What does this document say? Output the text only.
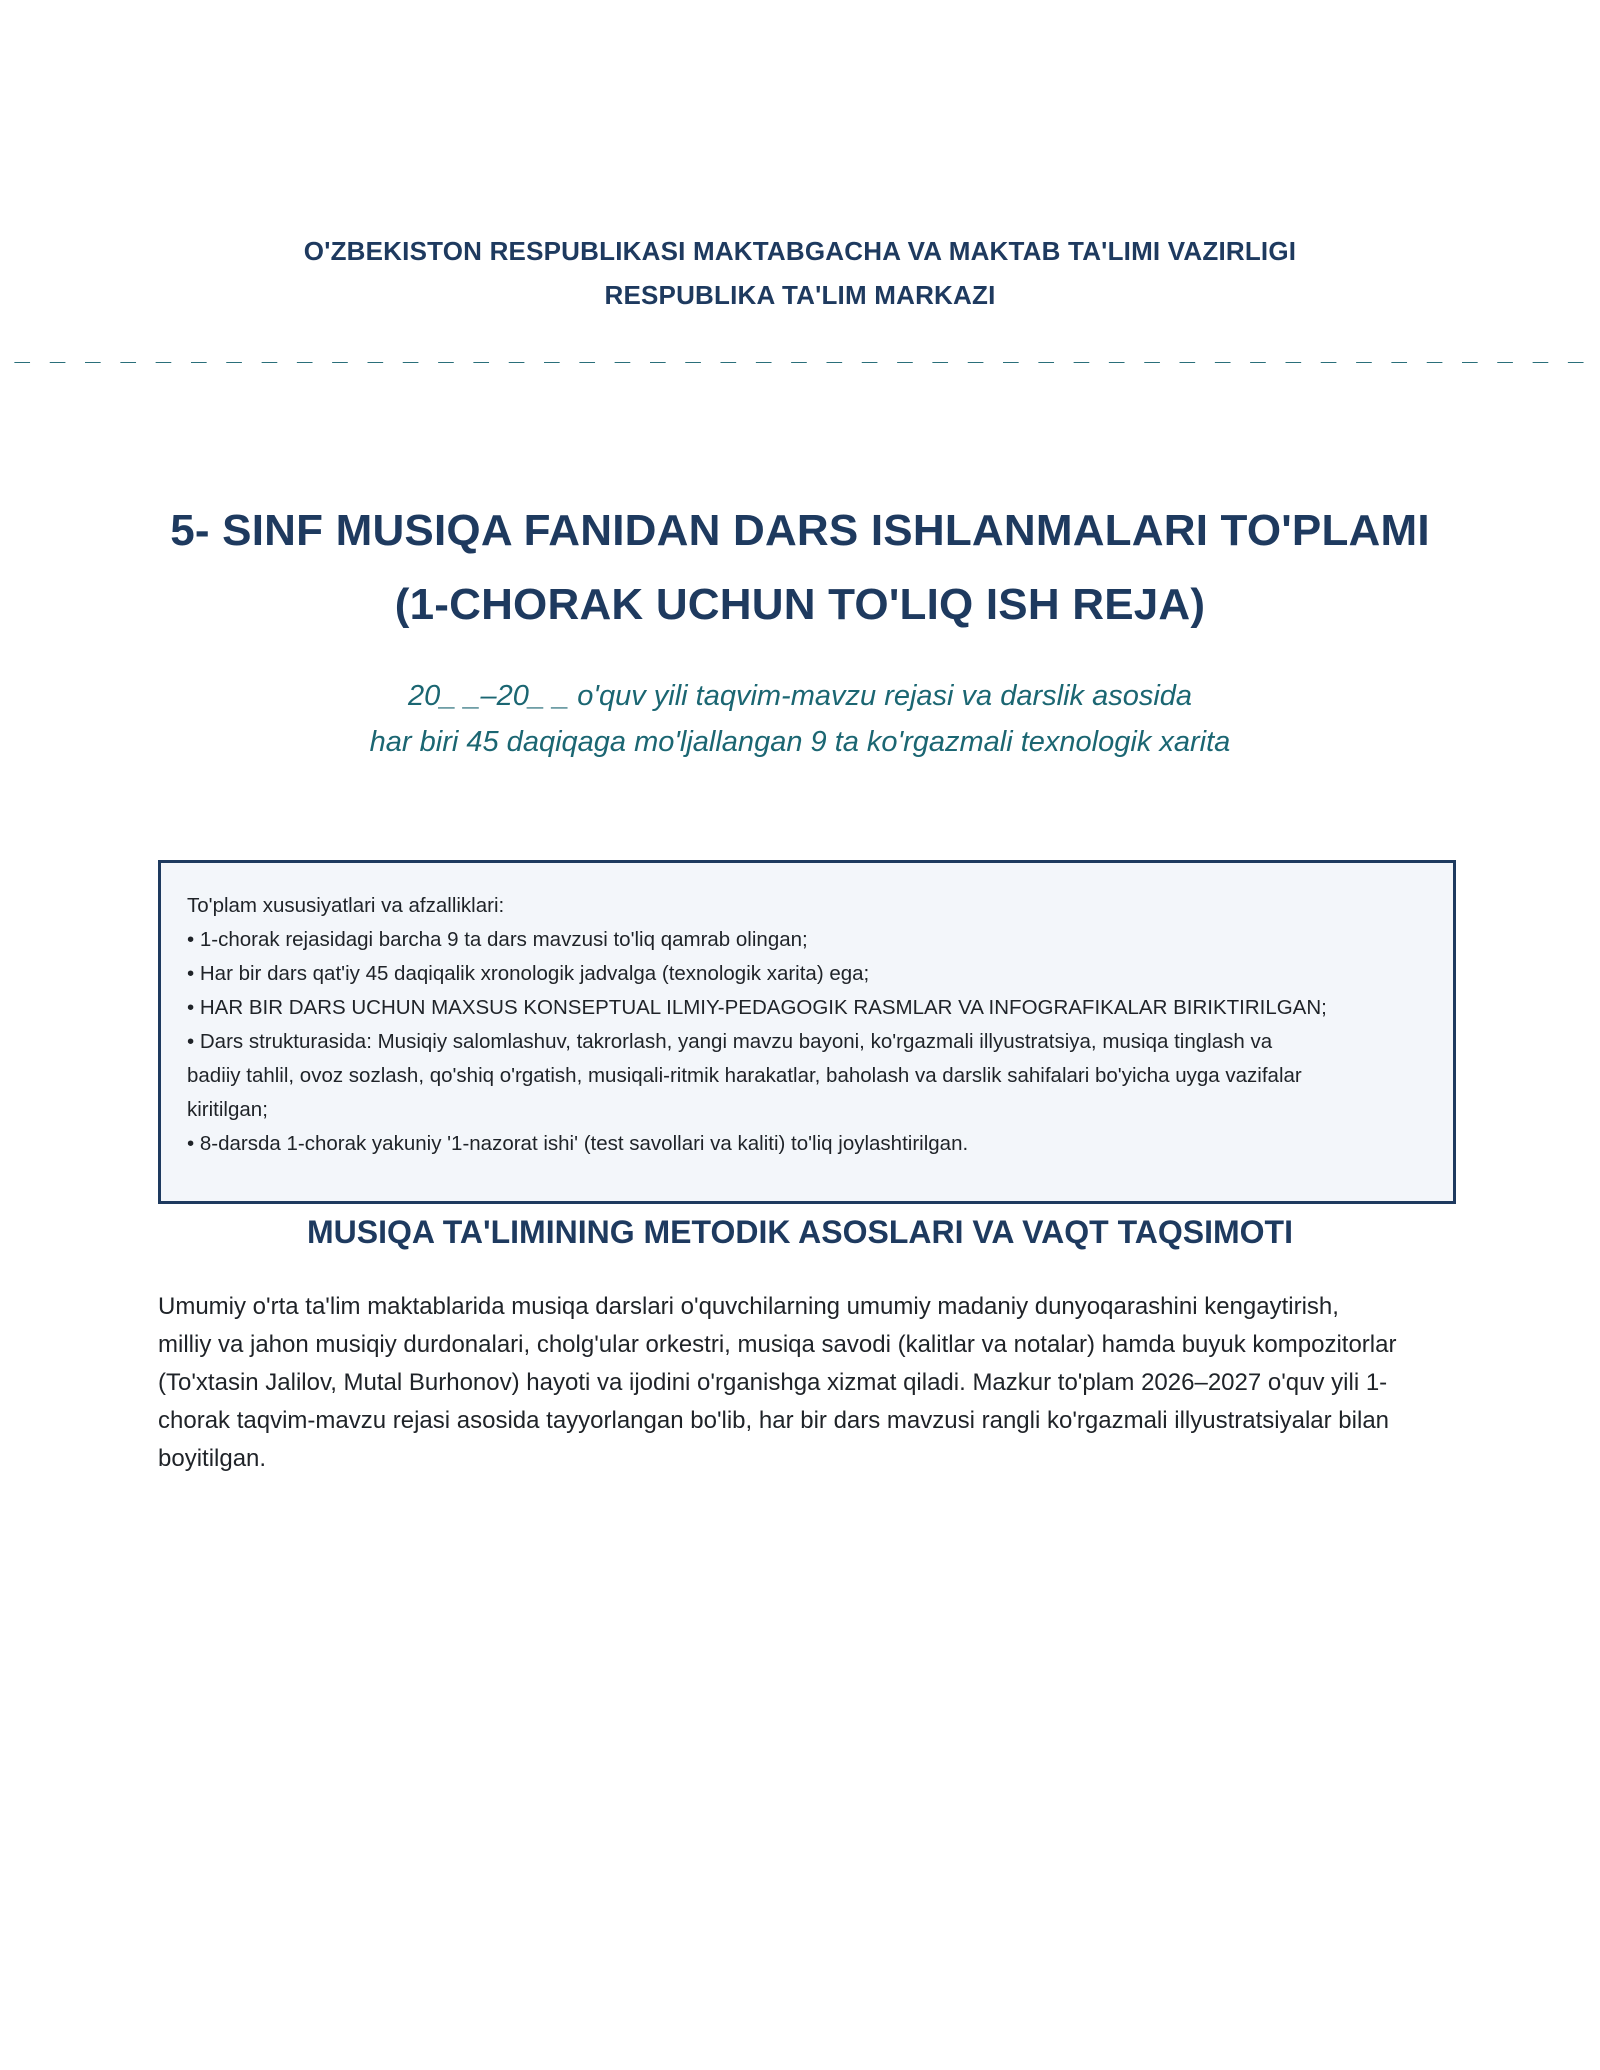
O'ZBEKISTON RESPUBLIKASI MAKTABGACHA VA MAKTAB TA'LIMI VAZIRLIGI
RESPUBLIKA TA'LIM MARKAZI
_ _ _ _ _ _ _ _ _ _ _ _ _ _ _ _ _ _ _ _ _ _ _ _ _ _ _ _ _ _ _ _ _ _ _ _ _ _ _ _ _ _ _ _ _
5- SINF MUSIQA FANIDAN DARS ISHLANMALARI TO'PLAMI
(1-CHORAK UCHUN TO'LIQ ISH REJA)
20_ _–20_ _ o'quv yili taqvim-mavzu rejasi va darslik asosida
har biri 45 daqiqaga mo'ljallangan 9 ta ko'rgazmali texnologik xarita
To'plam xususiyatlari va afzalliklari:
• 1-chorak rejasidagi barcha 9 ta dars mavzusi to'liq qamrab olingan;
• Har bir dars qat'iy 45 daqiqalik xronologik jadvalga (texnologik xarita) ega;
• HAR BIR DARS UCHUN MAXSUS KONSEPTUAL ILMIY-PEDAGOGIK RASMLAR VA INFOGRAFIKALAR BIRIKTIRILGAN;
• Dars strukturasida: Musiqiy salomlashuv, takrorlash, yangi mavzu bayoni, ko'rgazmali illyustratsiya, musiqa tinglash va
badiiy tahlil, ovoz sozlash, qo'shiq o'rgatish, musiqali-ritmik harakatlar, baholash va darslik sahifalari bo'yicha uyga vazifalar
kiritilgan;
• 8-darsda 1-chorak yakuniy '1-nazorat ishi' (test savollari va kaliti) to'liq joylashtirilgan.
MUSIQA TA'LIMINING METODIK ASOSLARI VA VAQT TAQSIMOTI
Umumiy o'rta ta'lim maktablarida musiqa darslari o'quvchilarning umumiy madaniy dunyoqarashini kengaytirish,
milliy va jahon musiqiy durdonalari, cholg'ular orkestri, musiqa savodi (kalitlar va notalar) hamda buyuk kompozitorlar
(To'xtasin Jalilov, Mutal Burhonov) hayoti va ijodini o'rganishga xizmat qiladi. Mazkur to'plam 2026–2027 o'quv yili 1-
chorak taqvim-mavzu rejasi asosida tayyorlangan bo'lib, har bir dars mavzusi rangli ko'rgazmali illyustratsiyalar bilan
boyitilgan.
